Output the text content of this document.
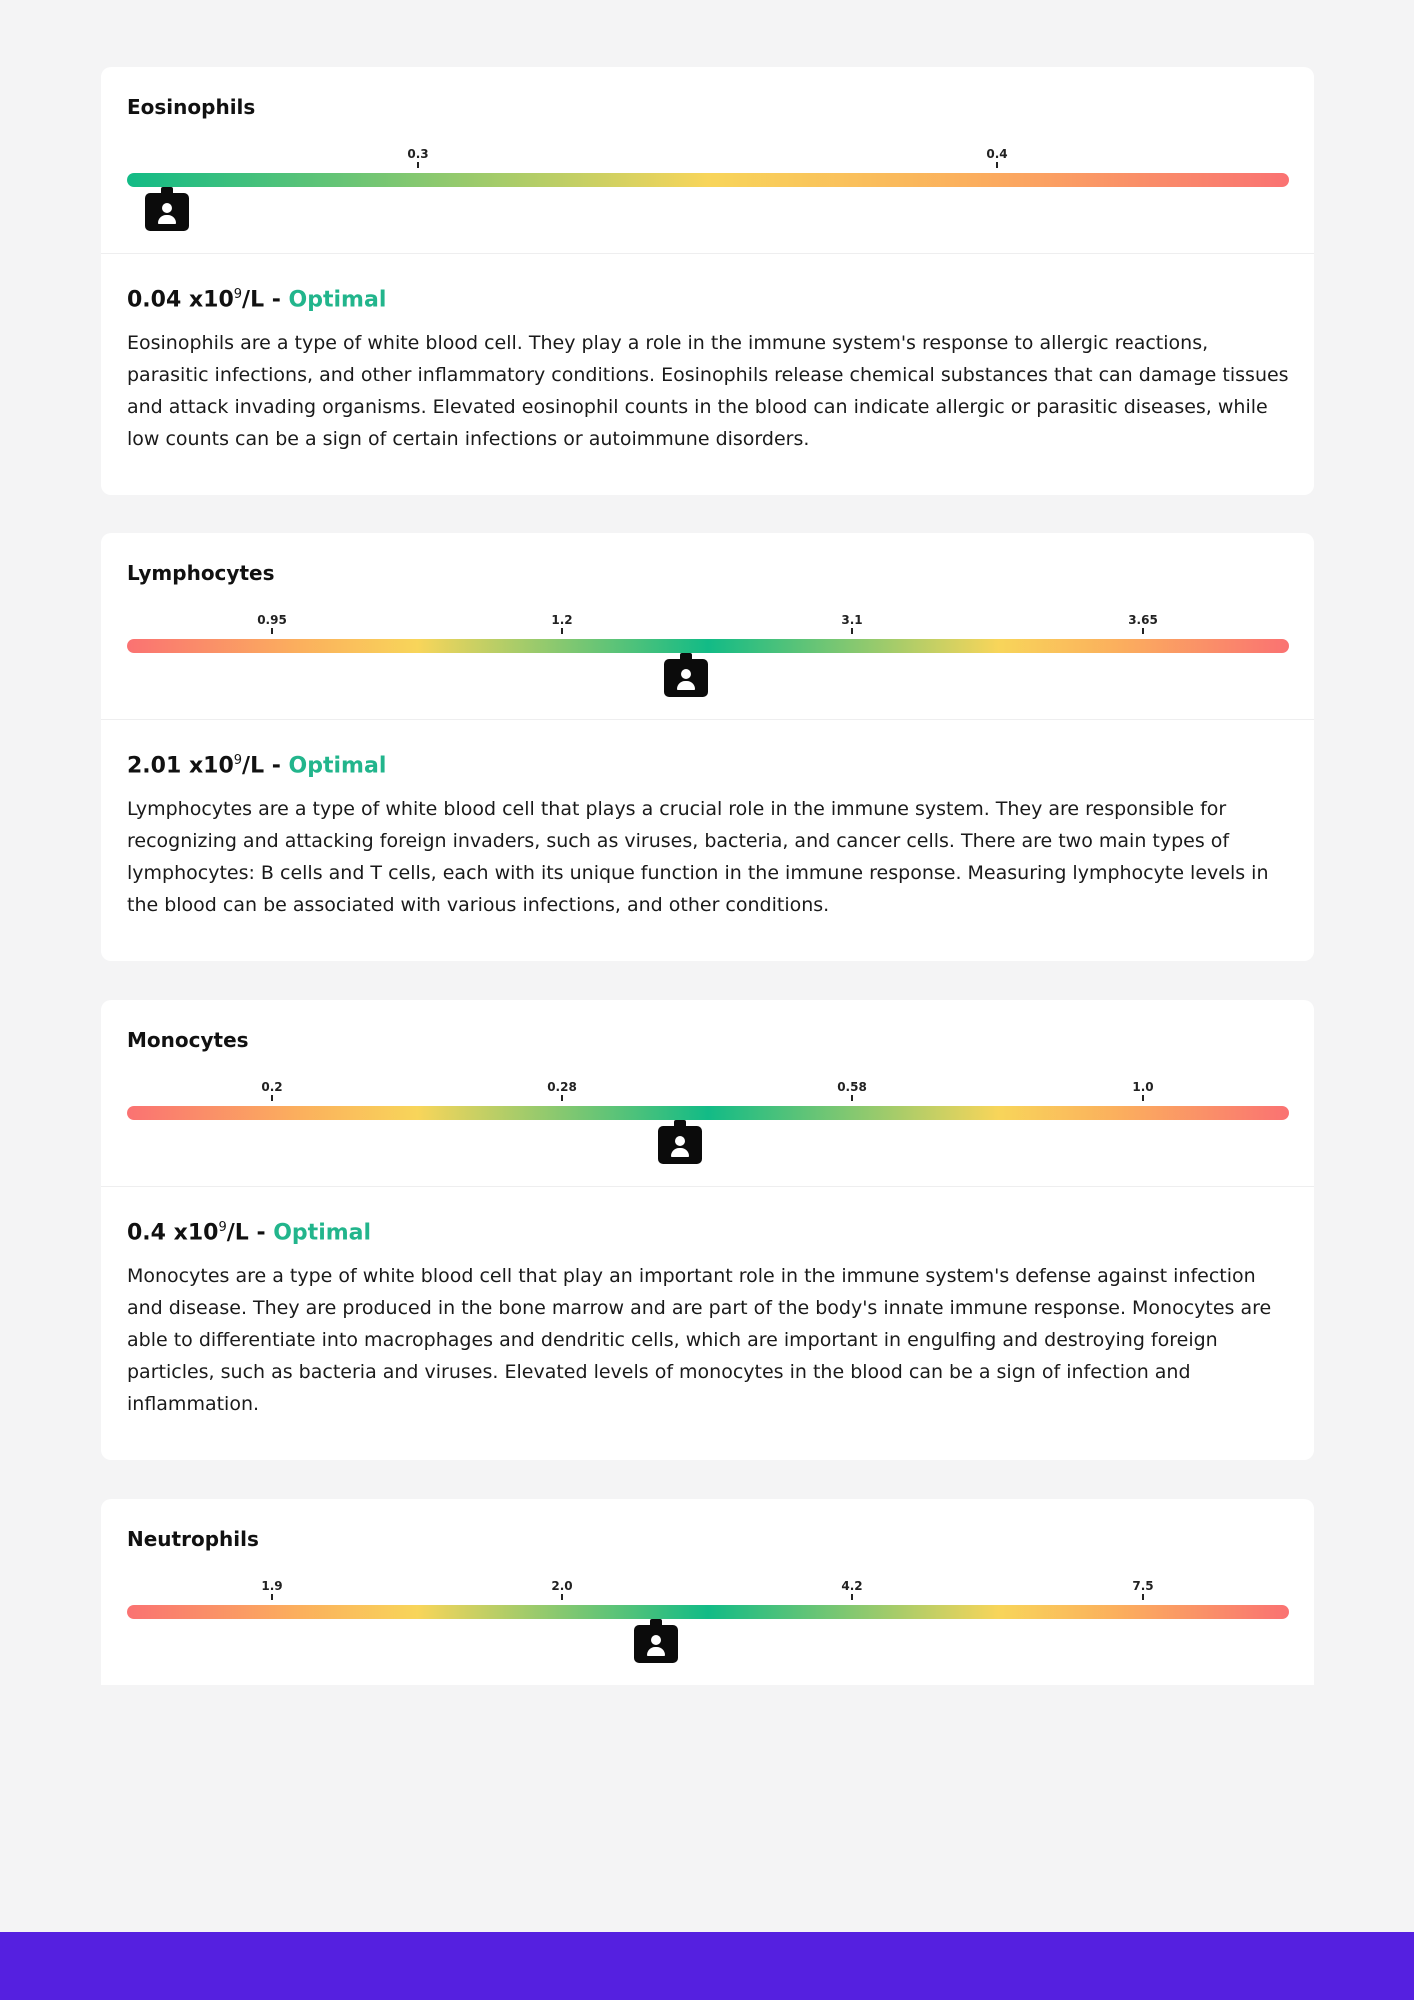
Eosinophils
0.3	0.4
0.04 $x10^9/L$ - Optimal

Eosinophils are a type of white blood cell. They play a role in the immune system's response to allergic reactions, parasitic infections, and other inflammatory conditions. Eosinophils release chemical substances that can damage tissues and attack invading organisms. Elevated eosinophil counts in the blood can indicate allergic or parasitic diseases, while low counts can be a sign of certain infections or autoimmune disorders.

Lymphocytes
0.95	1.2	3.1	3.65
2.01 $x10^9/L$ - Optimal

Lymphocytes are a type of white blood cell that plays a crucial role in the immune system. They are responsible for recognizing and attacking foreign invaders, such as viruses, bacteria, and cancer cells. There are two main types of lymphocytes: B cells and T cells, each with its unique function in the immune response. Measuring lymphocyte levels in the blood can be associated with various infections, and other conditions.

Monocytes
0.2	0.28	0.58	1.0
0.4 $x10^9/L$ - Optimal

Monocytes are a type of white blood cell that play an important role in the immune system's defense against infection and disease. They are produced in the bone marrow and are part of the body's innate immune response. Monocytes are able to differentiate into macrophages and dendritic cells, which are important in engulfing and destroying foreign particles, such as bacteria and viruses. Elevated levels of monocytes in the blood can be a sign of infection and inflammation.

Neutrophils
1.9	2.0	4.2	7.5
